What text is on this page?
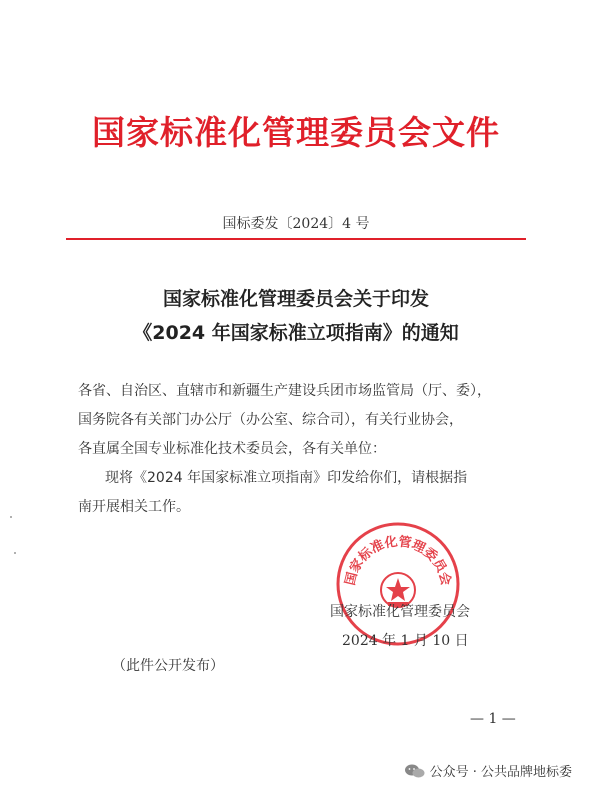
国家标准化管理委员会文件
国标委发〔2024〕4 号
国家标准化管理委员会关于印发
《2024 年国家标准立项指南》的通知
各省、自治区、直辖市和新疆生产建设兵团市场监管局（厅、委），
国务院各有关部门办公厅（办公室、综合司），有关行业协会，
各直属全国专业标准化技术委员会，各有关单位：
现将《2024 年国家标准立项指南》印发给你们，请根据指
南开展相关工作。
国家标准化管理委员会
国家标准化管理委员会
2024 年 1 月 10 日
（此件公开发布）
— 1 —
公众号 · 公共品牌地标委
